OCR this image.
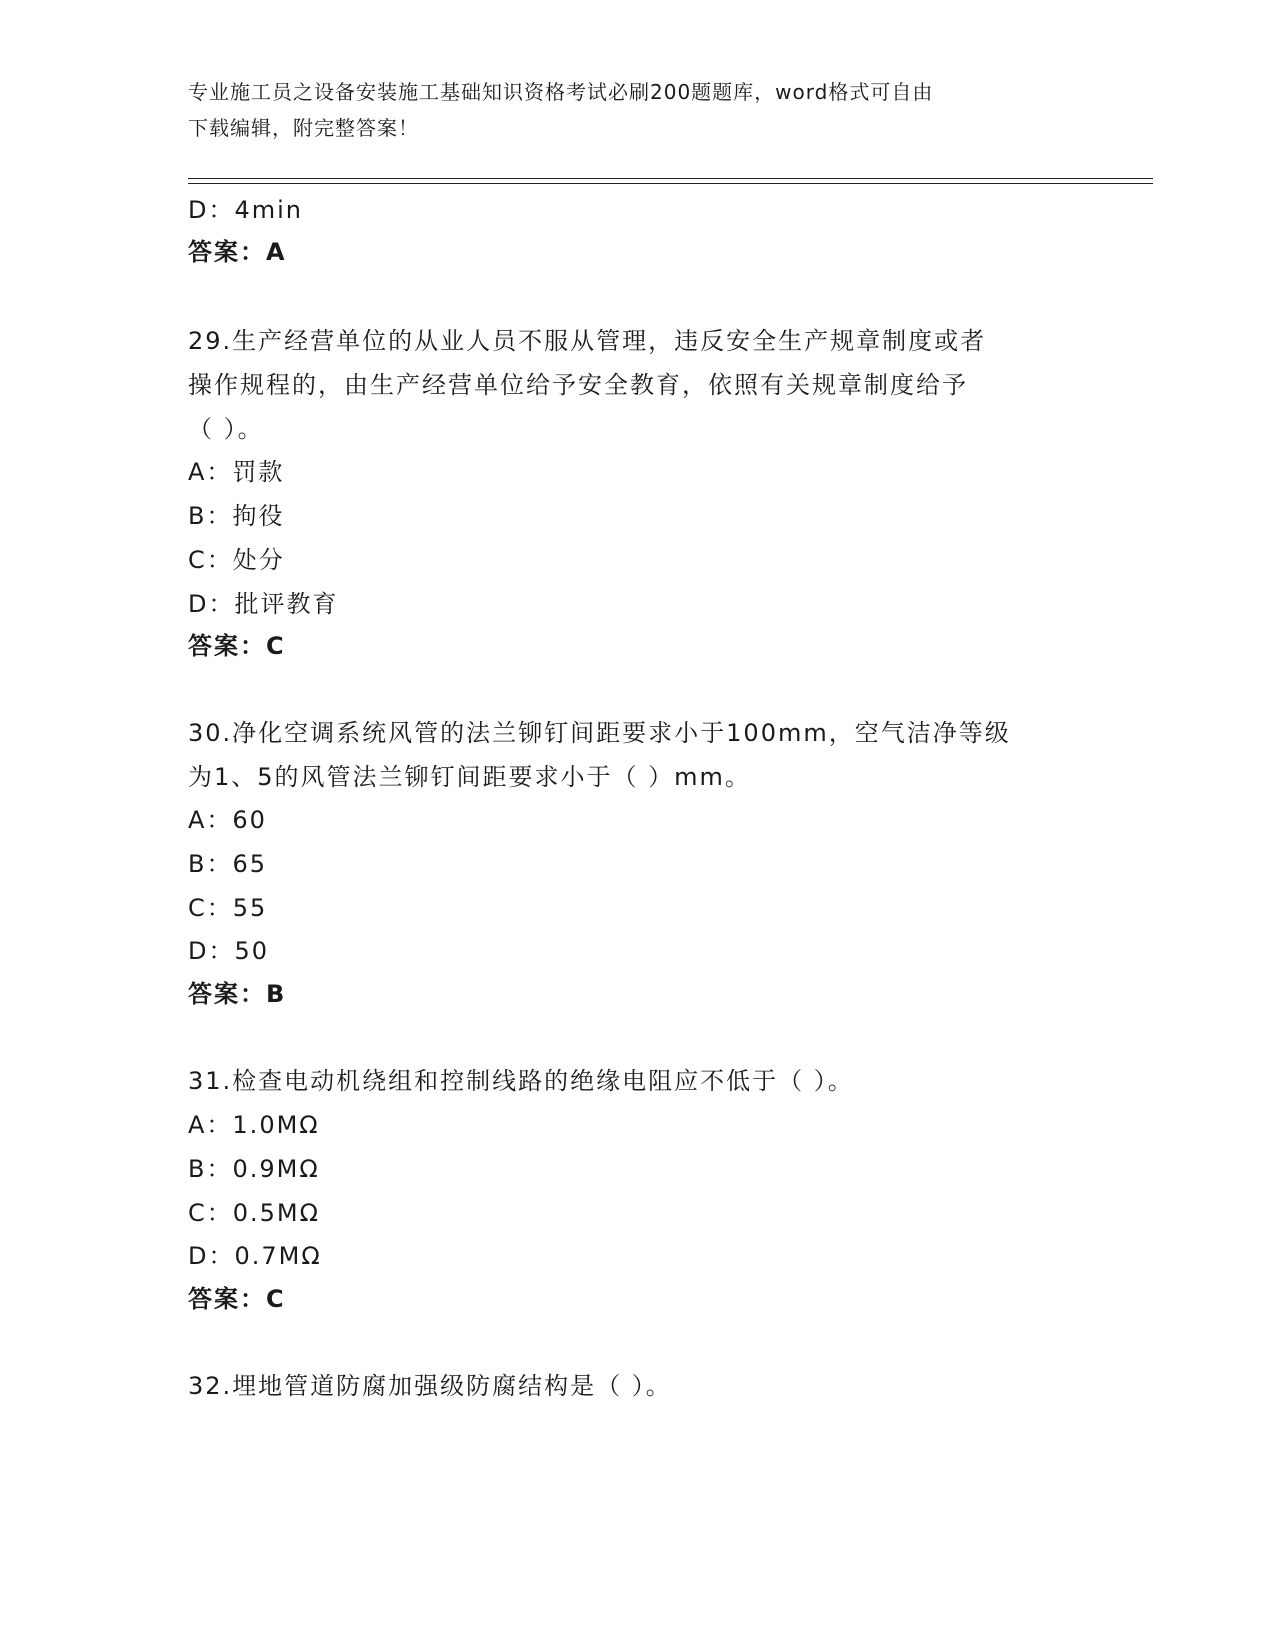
专业施工员之设备安装施工基础知识资格考试必刷200题题库，word格式可自由
下载编辑，附完整答案！
D：4min
答案：A
29.生产经营单位的从业人员不服从管理，违反安全生产规章制度或者
操作规程的，由生产经营单位给予安全教育，依照有关规章制度给予
（ ）。
A：罚款
B：拘役
C：处分
D：批评教育
答案：C
30.净化空调系统风管的法兰铆钉间距要求小于100mm，空气洁净等级
为1、5的风管法兰铆钉间距要求小于（ ）mm。
A：60
B：65
C：55
D：50
答案：B
31.检查电动机绕组和控制线路的绝缘电阻应不低于（ ）。
A：1.0MΩ
B：0.9MΩ
C：0.5MΩ
D：0.7MΩ
答案：C
32.埋地管道防腐加强级防腐结构是（ ）。
